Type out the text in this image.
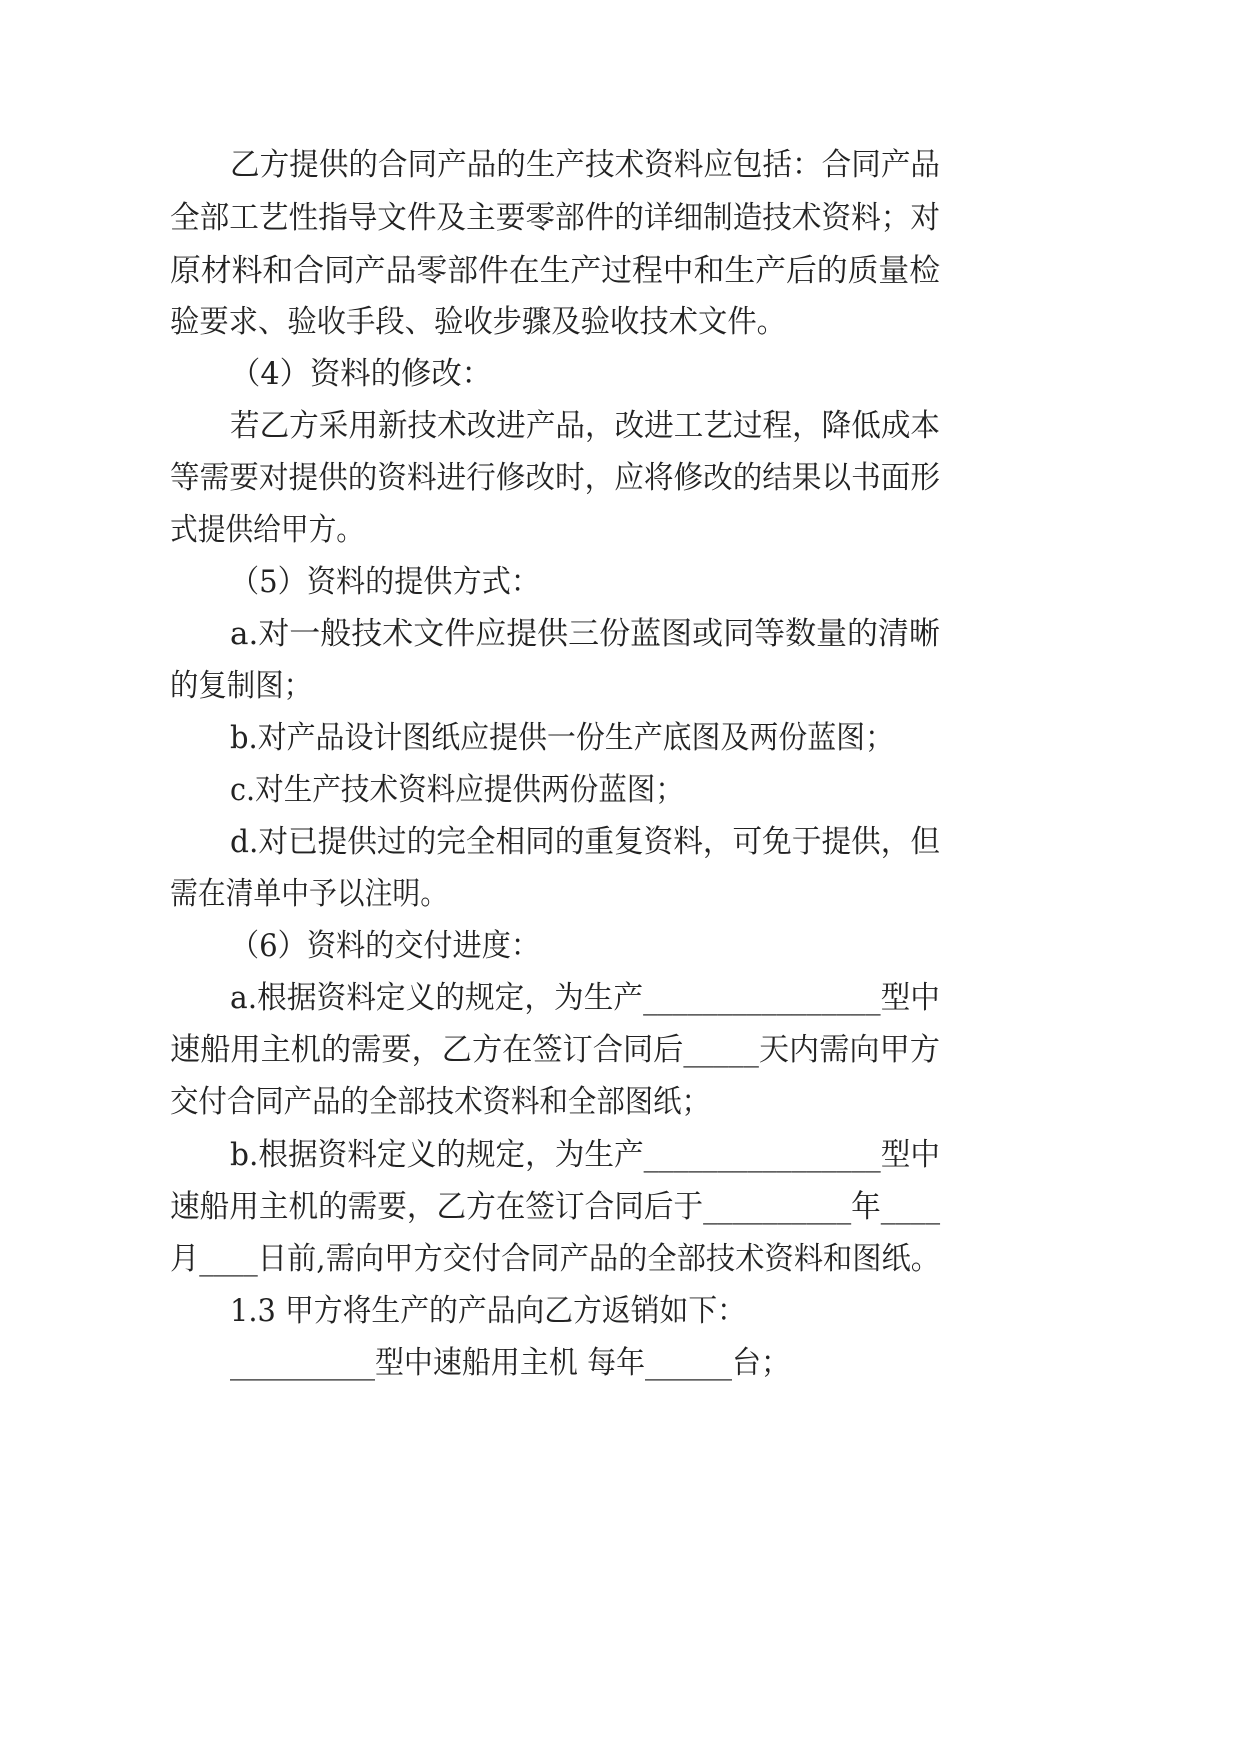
乙方提供的合同产品的生产技术资料应包括：合同产品
全部工艺性指导文件及主要零部件的详细制造技术资料；对
原材料和合同产品零部件在生产过程中和生产后的质量检
验要求、验收手段、验收步骤及验收技术文件。
（4）资料的修改：
若乙方采用新技术改进产品，改进工艺过程，降低成本
等需要对提供的资料进行修改时，应将修改的结果以书面形
式提供给甲方。
（5）资料的提供方式：
a.对一般技术文件应提供三份蓝图或同等数量的清晰
的复制图；
b.对产品设计图纸应提供一份生产底图及两份蓝图；
c.对生产技术资料应提供两份蓝图；
d.对已提供过的完全相同的重复资料，可免于提供，但
需在清单中予以注明。
（6）资料的交付进度：
a.根据资料定义的规定，为生产________________型中
速船用主机的需要，乙方在签订合同后_____天内需向甲方
交付合同产品的全部技术资料和全部图纸；
b.根据资料定义的规定，为生产________________型中
速船用主机的需要，乙方在签订合同后于__________年____
月____日前,需向甲方交付合同产品的全部技术资料和图纸。
1.3 甲方将生产的产品向乙方返销如下：
__________型中速船用主机 每年______台；
